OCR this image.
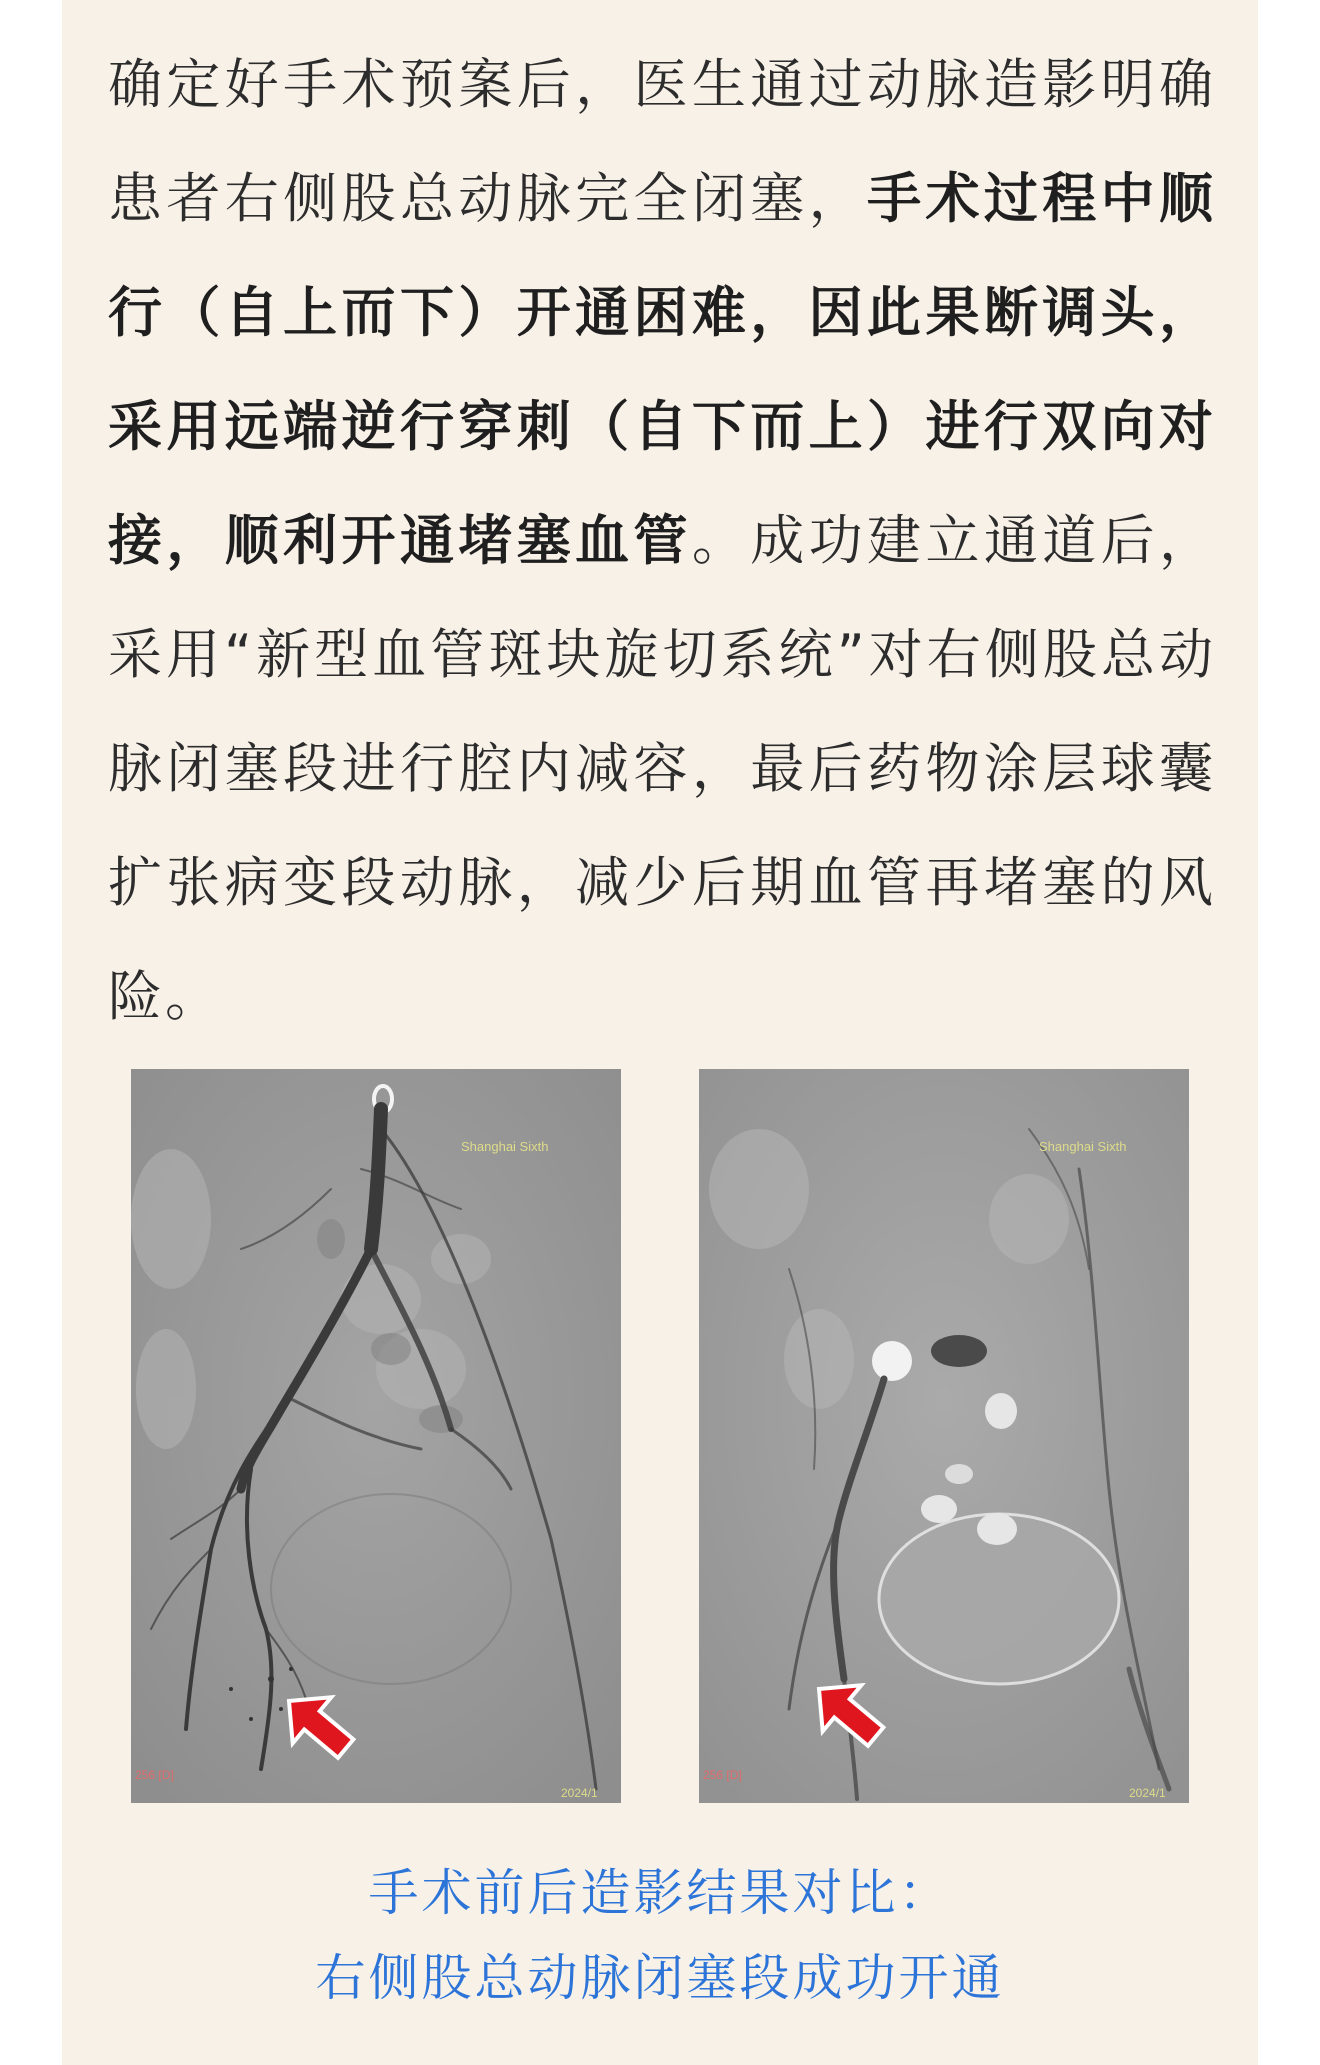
确定好手术预案后，医生通过动脉造影明确患者右侧股总动脉完全闭塞，手术过程中顺行（自上而下）开通困难，因此果断调头，采用远端逆行穿刺（自下而上）进行双向对接，顺利开通堵塞血管。成功建立通道后，采用“新型血管斑块旋切系统”对右侧股总动脉闭塞段进行腔内减容，最后药物涂层球囊扩张病变段动脉，减少后期血管再堵塞的风险。
Shanghai Sixth
256 [D]
2024/1
Shanghai Sixth
256 [D]
2024/1
手术前后造影结果对比：
右侧股总动脉闭塞段成功开通
